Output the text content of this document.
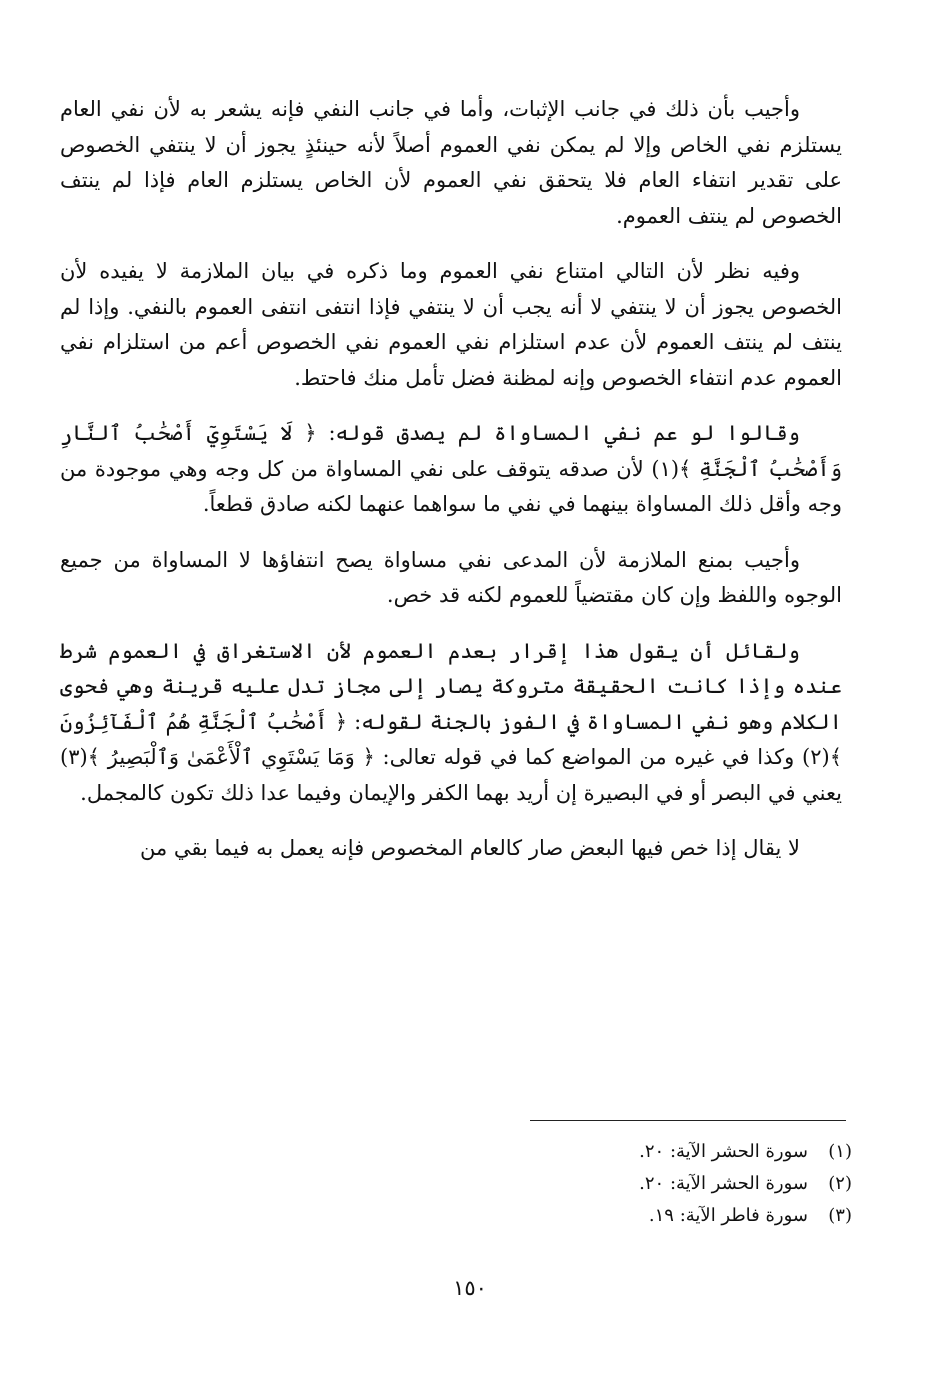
وأجيب بأن ذلك في جانب الإثبات، وأما في جانب النفي فإنه يشعر به لأن نفي العام يستلزم نفي الخاص وإلا لم يمكن نفي العموم أصلاً لأنه حينئذٍ يجوز أن لا ينتفي الخصوص على تقدير انتفاء العام فلا يتحقق نفي العموم لأن الخاص يستلزم العام فإذا لم ينتف الخصوص لم ينتف العموم.

وفيه نظر لأن التالي امتناع نفي العموم وما ذكره في بيان الملازمة لا يفيده لأن الخصوص يجوز أن لا ينتفي لا أنه يجب أن لا ينتفي فإذا انتفى انتفى العموم بالنفي. وإذا لم ينتف لم ينتف العموم لأن عدم استلزام نفي العموم نفي الخصوص أعم من استلزام نفي العموم عدم انتفاء الخصوص وإنه لمظنة فضل تأمل منك فاحتط.

وقالوا لو عم نفي المساواة لم يصدق قوله: ﴿ لَا يَسْتَوِيٓ أَصْحَٰبُ ٱلنَّارِ وَأَصْحَٰبُ ٱلْجَنَّةِ ﴾(١) لأن صدقه يتوقف على نفي المساواة من كل وجه وهي موجودة من وجه وأقل ذلك المساواة بينهما في نفي ما سواهما عنهما لكنه صادق قطعاً.

وأجيب بمنع الملازمة لأن المدعى نفي مساواة يصح انتفاؤها لا المساواة من جميع الوجوه واللفظ وإن كان مقتضياً للعموم لكنه قد خص.

ولقائل أن يقول هذا إقرار بعدم العموم لأن الاستغراق في العموم شرط عنده وإذا كانت الحقيقة متروكة يصار إلى مجاز تدل عليه قرينة وهي فحوى الكلام وهو نفي المساواة في الفوز بالجنة لقوله: ﴿ أَصْحَٰبُ ٱلْجَنَّةِ هُمُ ٱلْفَآئِزُونَ ﴾(٢) وكذا في غيره من المواضع كما في قوله تعالى: ﴿ وَمَا يَسْتَوِي ٱلْأَعْمَىٰ وَٱلْبَصِيرُ ﴾(٣) يعني في البصر أو في البصيرة إن أريد بهما الكفر والإيمان وفيما عدا ذلك تكون كالمجمل.

لا يقال إذا خص فيها البعض صار كالعام المخصوص فإنه يعمل به فيما بقي من

(١)
سورة الحشر الآية: ٢٠.
(٢)
سورة الحشر الآية: ٢٠.
(٣)
سورة فاطر الآية: ١٩.
١٥٠
